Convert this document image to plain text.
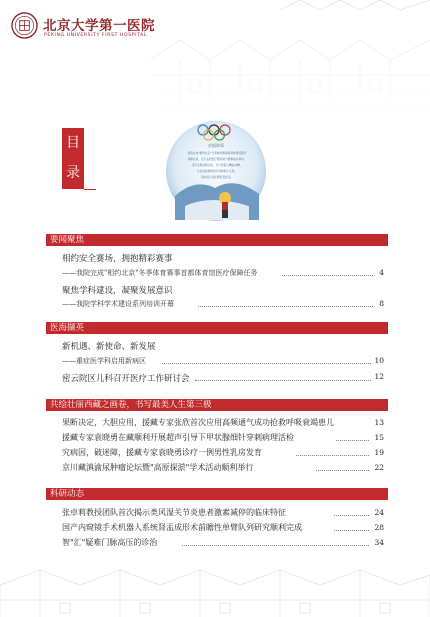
北京大学第一医院
PEKING UNIVERSITY FIRST HOSPITAL
目
录
封面故事
我院完成"相约北京"冬季体育赛事首都体育馆医疗
保障任务，以专业的医疗服务助力赛事成功举办。
北京冬奥会倒计时，北大医院人精益求精，
以优质高效的医疗保障助力冬奥，
用实际行动诠释医者担当。
要闻聚焦
相约安全赛场，拥抱精彩赛事
——我院完成"相约北京"冬季体育赛事首都体育馆医疗保障任务	4
聚焦学科建设，凝聚发展意识
——我院学科学术建设系列培训开幕	8
医海撷英
新机遇、新使命、新发展
——重症医学科启用新病区	10
密云院区儿科召开医疗工作研讨会	12
共绘壮丽西藏之画卷，书写最美人生第三极
果断决定，大胆应用，援藏专家张欣首次应用高频通气成功抢救呼吸衰竭患儿	13
援藏专家袁晓勇在藏顺利开展超声引导下甲状腺细针穿刺病理活检	15
究病因，破迷障，援藏专家袁晓勇诊疗一例男性乳房发育	19
京川藏滇渝尿肿瘤论坛暨"高原探淤"学术活动顺利举行	22
科研动态
张卓莉教授团队首次揭示类风湿关节炎患者激素减停的临床特征	24
国产内窥镜手术机器人系统肾盂成形术前瞻性单臂队列研究顺利完成	28
智"汇"疑难门脉高压的诊治	34
